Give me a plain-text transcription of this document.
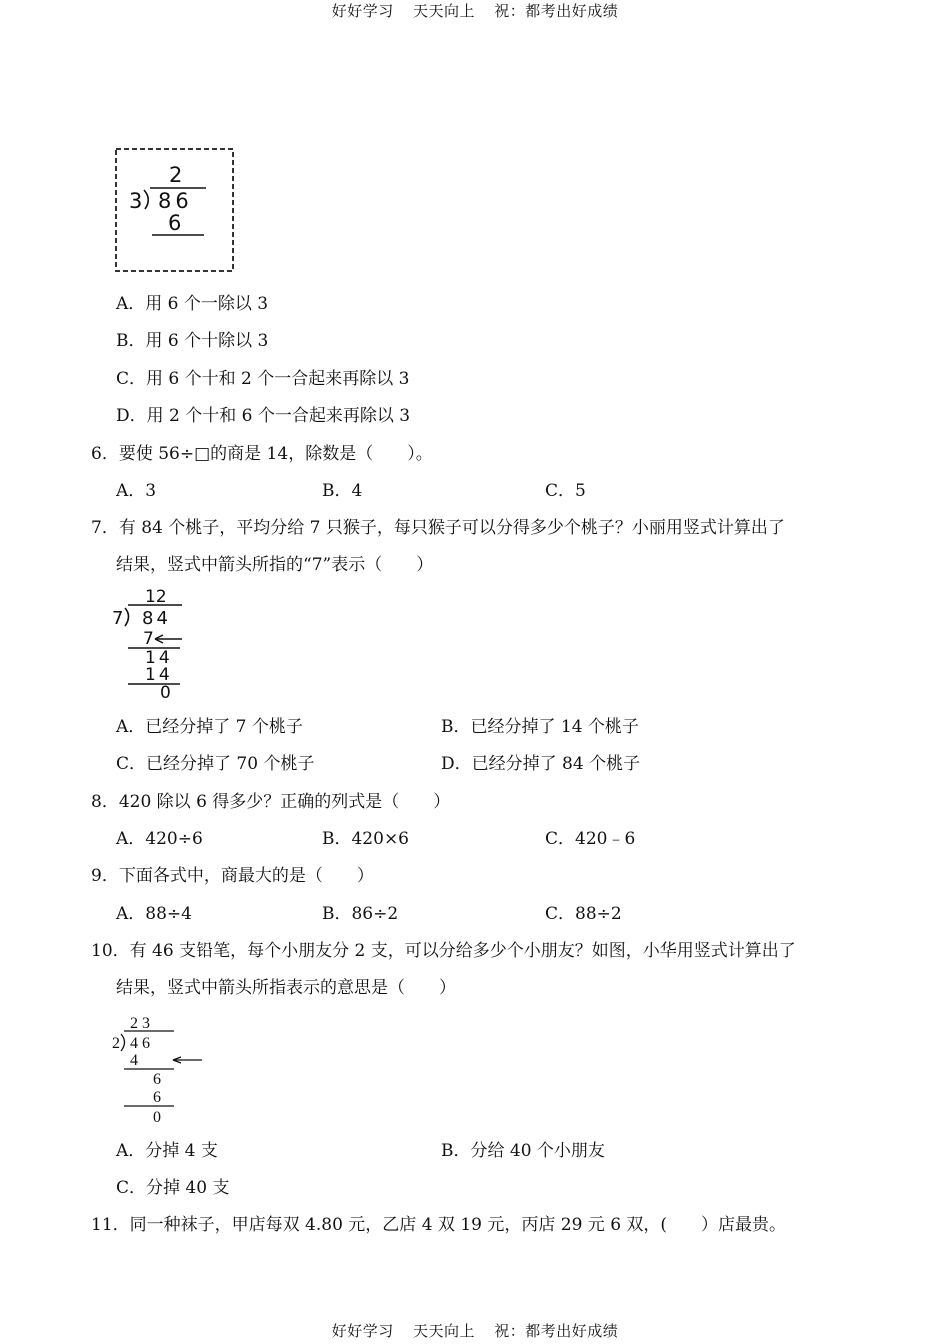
好好学习 天天向上 祝：都考出好成绩
2
3 86
6
A．用 6 个一除以 3
B．用 6 个十除以 3
C．用 6 个十和 2 个一合起来再除以 3
D．用 2 个十和 6 个一合起来再除以 3
6．要使 56÷□的商是 14，除数是（　　）。
A．3	B．4	C．5
7．有 84 个桃子，平均分给 7 只猴子，每只猴子可以分得多少个桃子？小丽用竖式计算出了
结果，竖式中箭头所指的“7”表示（　　）
12
7 84
7
14
14
0
A．已经分掉了 7 个桃子	B．已经分掉了 14 个桃子
C．已经分掉了 70 个桃子	D．已经分掉了 84 个桃子
8．420 除以 6 得多少？正确的列式是（　　）
A．420÷6	B．420×6	C．420﹣6
9．下面各式中，商最大的是（　　）
A．88÷4	B．86÷2	C．88÷2
10．有 46 支铅笔，每个小朋友分 2 支，可以分给多少个小朋友？如图，小华用竖式计算出了
结果，竖式中箭头所指表示的意思是（　　）
2 3
2 4 6
4
6
6
0
A．分掉 4 支	B．分给 40 个小朋友
C．分掉 40 支
11．同一种袜子，甲店每双 4.80 元，乙店 4 双 19 元，丙店 29 元 6 双，(　　）店最贵。
好好学习 天天向上 祝：都考出好成绩
